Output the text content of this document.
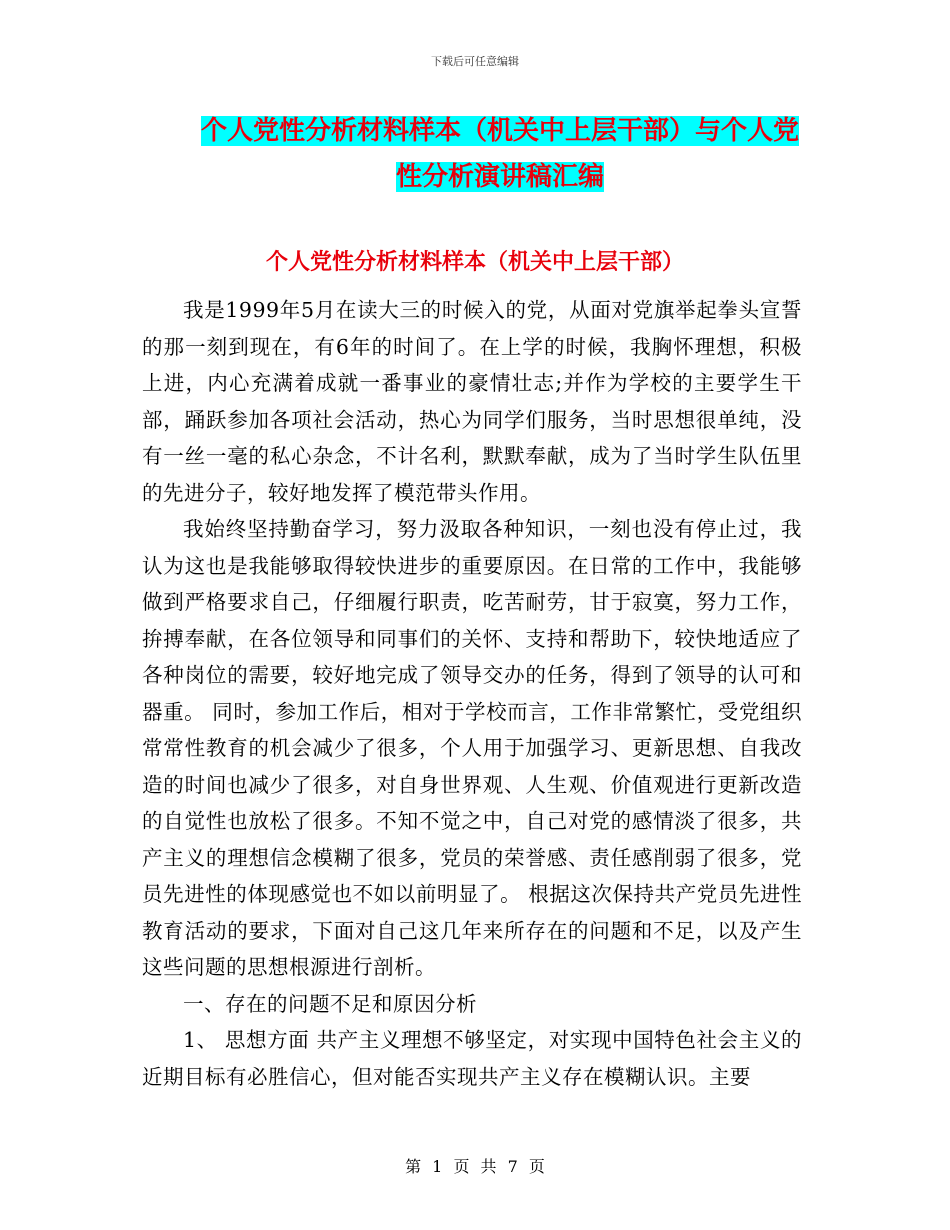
下载后可任意编辑
个人党性分析材料样本（机关中上层干部）与个人党
性分析演讲稿汇编
个人党性分析材料样本（机关中上层干部）

我是1999年5月在读大三的时候入的党，从面对党旗举起拳头宣誓的那一刻到现在，有6年的时间了。在上学的时候，我胸怀理想，积极上进，内心充满着成就一番事业的豪情壮志;并作为学校的主要学生干部，踊跃参加各项社会活动，热心为同学们服务，当时思想很单纯，没有一丝一毫的私心杂念，不计名利，默默奉献，成为了当时学生队伍里的先进分子，较好地发挥了模范带头作用。

我始终坚持勤奋学习，努力汲取各种知识，一刻也没有停止过，我认为这也是我能够取得较快进步的重要原因。在日常的工作中，我能够做到严格要求自己，仔细履行职责，吃苦耐劳，甘于寂寞，努力工作，拚搏奉献，在各位领导和同事们的关怀、支持和帮助下，较快地适应了各种岗位的需要，较好地完成了领导交办的任务，得到了领导的认可和器重。 同时，参加工作后，相对于学校而言，工作非常繁忙，受党组织常常性教育的机会减少了很多，个人用于加强学习、更新思想、自我改造的时间也减少了很多，对自身世界观、人生观、价值观进行更新改造的自觉性也放松了很多。不知不觉之中，自己对党的感情淡了很多，共产主义的理想信念模糊了很多，党员的荣誉感、责任感削弱了很多，党员先进性的体现感觉也不如以前明显了。 根据这次保持共产党员先进性教育活动的要求，下面对自己这几年来所存在的问题和不足，以及产生这些问题的思想根源进行剖析。

一、存在的问题不足和原因分析

1、 思想方面 共产主义理想不够坚定，对实现中国特色社会主义的近期目标有必胜信心，但对能否实现共产主义存在模糊认识。主要

第 1 页 共 7 页
